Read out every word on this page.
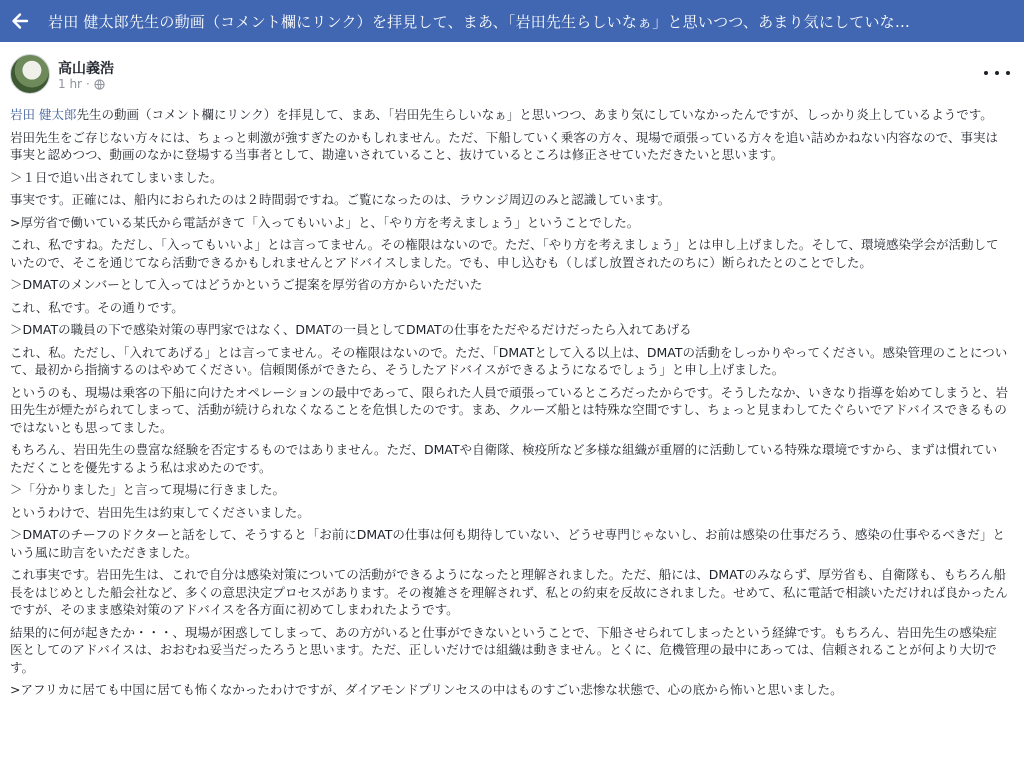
岩田 健太郎先生の動画（コメント欄にリンク）を拝見して、まあ、「岩田先生らしいなぁ」と思いつつ、あまり気にしていな…
高山義浩
1 hr ·

岩田 健太郎先生の動画（コメント欄にリンク）を拝見して、まあ、「岩田先生らしいなぁ」と思いつつ、あまり気にしていなかったんですが、しっかり炎上しているようです。

岩田先生をご存じない方々には、ちょっと刺激が強すぎたのかもしれません。ただ、下船していく乗客の方々、現場で頑張っている方々を追い詰めかねない内容なので、事実は事実と認めつつ、動画のなかに登場する当事者として、勘違いされていること、抜けているところは修正させていただきたいと思います。

＞１日で追い出されてしまいました。

事実です。正確には、船内におられたのは２時間弱ですね。ご覧になったのは、ラウンジ周辺のみと認識しています。

>厚労省で働いている某氏から電話がきて「入ってもいいよ」と、「やり方を考えましょう」ということでした。

これ、私ですね。ただし、「入ってもいいよ」とは言ってません。その権限はないので。ただ、「やり方を考えましょう」とは申し上げました。そして、環境感染学会が活動していたので、そこを通じてなら活動できるかもしれませんとアドバイスしました。でも、申し込むも（しばし放置されたのちに）断られたとのことでした。

＞DMATのメンバーとして入ってはどうかというご提案を厚労省の方からいただいた

これ、私です。その通りです。

＞DMATの職員の下で感染対策の専門家ではなく、DMATの一員としてDMATの仕事をただやるだけだったら入れてあげる

これ、私。ただし、「入れてあげる」とは言ってません。その権限はないので。ただ、「DMATとして入る以上は、DMATの活動をしっかりやってください。感染管理のことについて、最初から指摘するのはやめてください。信頼関係ができたら、そうしたアドバイスができるようになるでしょう」と申し上げました。

というのも、現場は乗客の下船に向けたオペレーションの最中であって、限られた人員で頑張っているところだったからです。そうしたなか、いきなり指導を始めてしまうと、岩田先生が煙たがられてしまって、活動が続けられなくなることを危惧したのです。まあ、クルーズ船とは特殊な空間ですし、ちょっと見まわしてたぐらいでアドバイスできるものではないとも思ってました。

もちろん、岩田先生の豊富な経験を否定するものではありません。ただ、DMATや自衛隊、検疫所など多様な組織が重層的に活動している特殊な環境ですから、まずは慣れていただくことを優先するよう私は求めたのです。

＞「分かりました」と言って現場に行きました。

というわけで、岩田先生は約束してくださいました。

＞DMATのチーフのドクターと話をして、そうすると「お前にDMATの仕事は何も期待していない、どうせ専門じゃないし、お前は感染の仕事だろう、感染の仕事やるべきだ」という風に助言をいただきました。

これ事実です。岩田先生は、これで自分は感染対策についての活動ができるようになったと理解されました。ただ、船には、DMATのみならず、厚労省も、自衛隊も、もちろん船長をはじめとした船会社など、多くの意思決定プロセスがあります。その複雑さを理解されず、私との約束を反故にされました。せめて、私に電話で相談いただければ良かったんですが、そのまま感染対策のアドバイスを各方面に初めてしまわれたようです。

結果的に何が起きたか・・・、現場が困惑してしまって、あの方がいると仕事ができないということで、下船させられてしまったという経緯です。もちろん、岩田先生の感染症医としてのアドバイスは、おおむね妥当だったろうと思います。ただ、正しいだけでは組織は動きません。とくに、危機管理の最中にあっては、信頼されることが何より大切です。

>アフリカに居ても中国に居ても怖くなかったわけですが、ダイアモンドプリンセスの中はものすごい悲惨な状態で、心の底から怖いと思いました。
